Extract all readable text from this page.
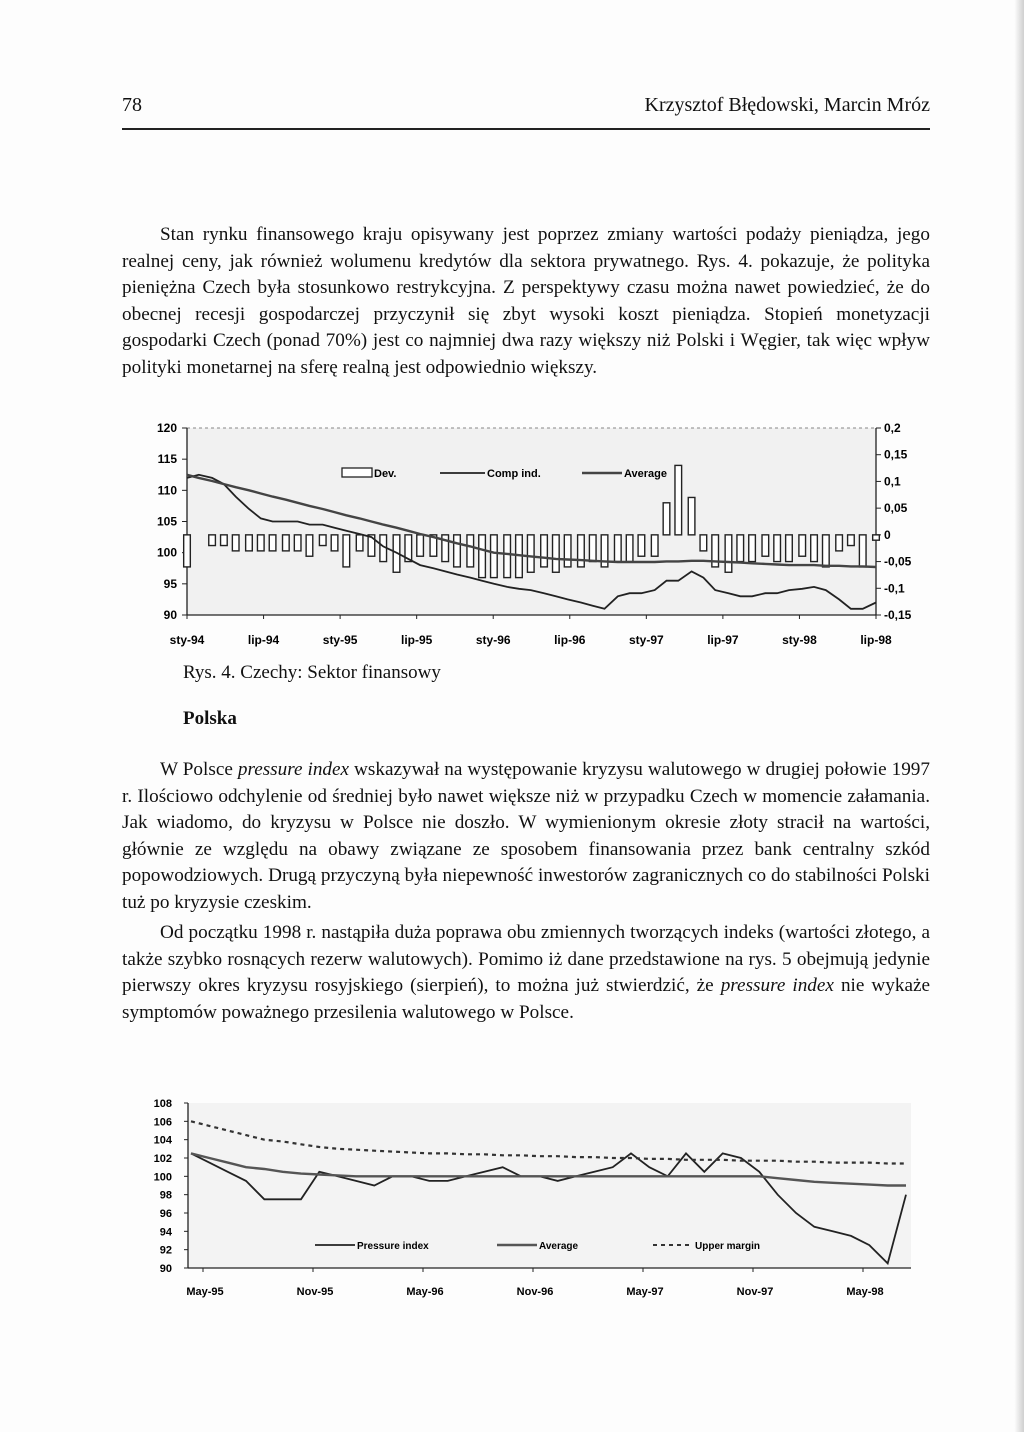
78	Krzysztof Błędowski, Marcin Mróz

Stan rynku finansowego kraju opisywany jest poprzez zmiany wartości podaży pieniądza, jego realnej ceny, jak również wolumenu kredytów dla sektora prywatnego. Rys. 4. pokazuje, że polityka pieniężna Czech była stosunkowo restrykcyjna. Z perspektywy czasu można nawet powiedzieć, że do obecnej recesji gospodarczej przyczynił się zbyt wysoki koszt pieniądza. Stopień monetyzacji gospodarki Czech (ponad 70%) jest co najmniej dwa razy większy niż Polski i Węgier, tak więc wpływ polityki monetarnej na sferę realną jest odpowiednio większy.

120
115
110
105
100
95
90
0,2
0,15
0,1
0,05
0
-0,05
-0,1
-0,15
sty-94	lip-94	sty-95	lip-95	sty-96	lip-96	sty-97	lip-97	sty-98	lip-98
Dev.	Comp ind.	Average
Rys. 4. Czechy: Sektor finansowy
Polska

W Polsce pressure index wskazywał na występowanie kryzysu walutowego w drugiej połowie 1997 r. Ilościowo odchylenie od średniej było nawet większe niż w przypadku Czech w momencie załamania. Jak wiadomo, do kryzysu w Polsce nie doszło. W wymienionym okresie złoty stracił na wartości, głównie ze względu na obawy związane ze sposobem finansowania przez bank centralny szkód popowodziowych. Drugą przyczyną była niepewność inwestorów zagranicznych co do stabilności Polski tuż po kryzysie czeskim.

Od początku 1998 r. nastąpiła duża poprawa obu zmiennych tworzących indeks (wartości złotego, a także szybko rosnących rezerw walutowych). Pomimo iż dane przedstawione na rys. 5 obejmują jedynie pierwszy okres kryzysu rosyjskiego (sierpień), to można już stwierdzić, że pressure index nie wykaże symptomów poważnego przesilenia walutowego w Polsce.

108
106
104
102
100
98
96
94
92
90
May-95	Nov-95	May-96	Nov-96	May-97	Nov-97	May-98
Pressure index	Average	Upper margin
